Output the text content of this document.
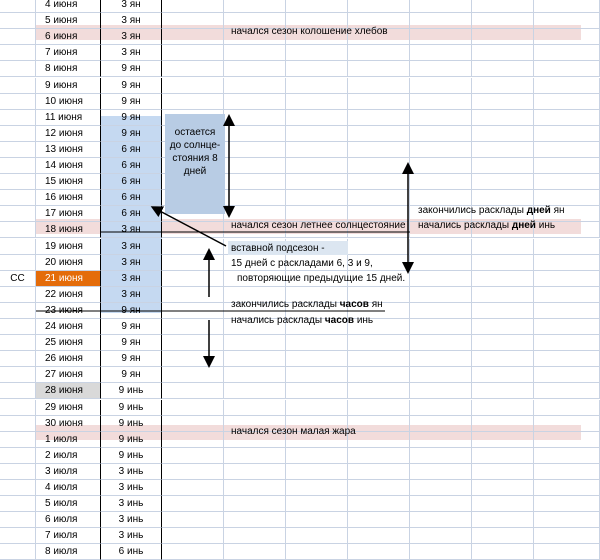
4 июня	3 ян
5 июня	3 ян
6 июня	3 ян
7 июня	3 ян
8 июня	9 ян
9 июня	9 ян
10 июня	9 ян
11 июня	9 ян
12 июня	9 ян
13 июня	6 ян
14 июня	6 ян
15 июня	6 ян
16 июня	6 ян
17 июня	6 ян
18 июня	3 ян
19 июня	3 ян
20 июня	3 ян
СС	21 июня	3 ян
22 июня	3 ян
23 июня	9 ян
24 июня	9 ян
25 июня	9 ян
26 июня	9 ян
27 июня	9 ян
28 июня	9 инь
29 июня	9 инь
30 июня	9 инь
1 июля	9 инь
2 июля	9 инь
3 июля	3 инь
4 июля	3 инь
5 июля	3 инь
6 июля	3 инь
7 июля	3 инь
8 июля	6 инь
остается до солнце-стояния 8 дней
начался сезон колошение хлебов
начался сезон летнее солнцестояние
начался сезон малая жара
закончились расклады дней ян
начались расклады дней инь
вставной подсезон -
15 дней с раскладами 6, 3 и 9,
повторяющие предыдущие 15 дней.
закончились расклады часов ян
начались расклады часов инь
